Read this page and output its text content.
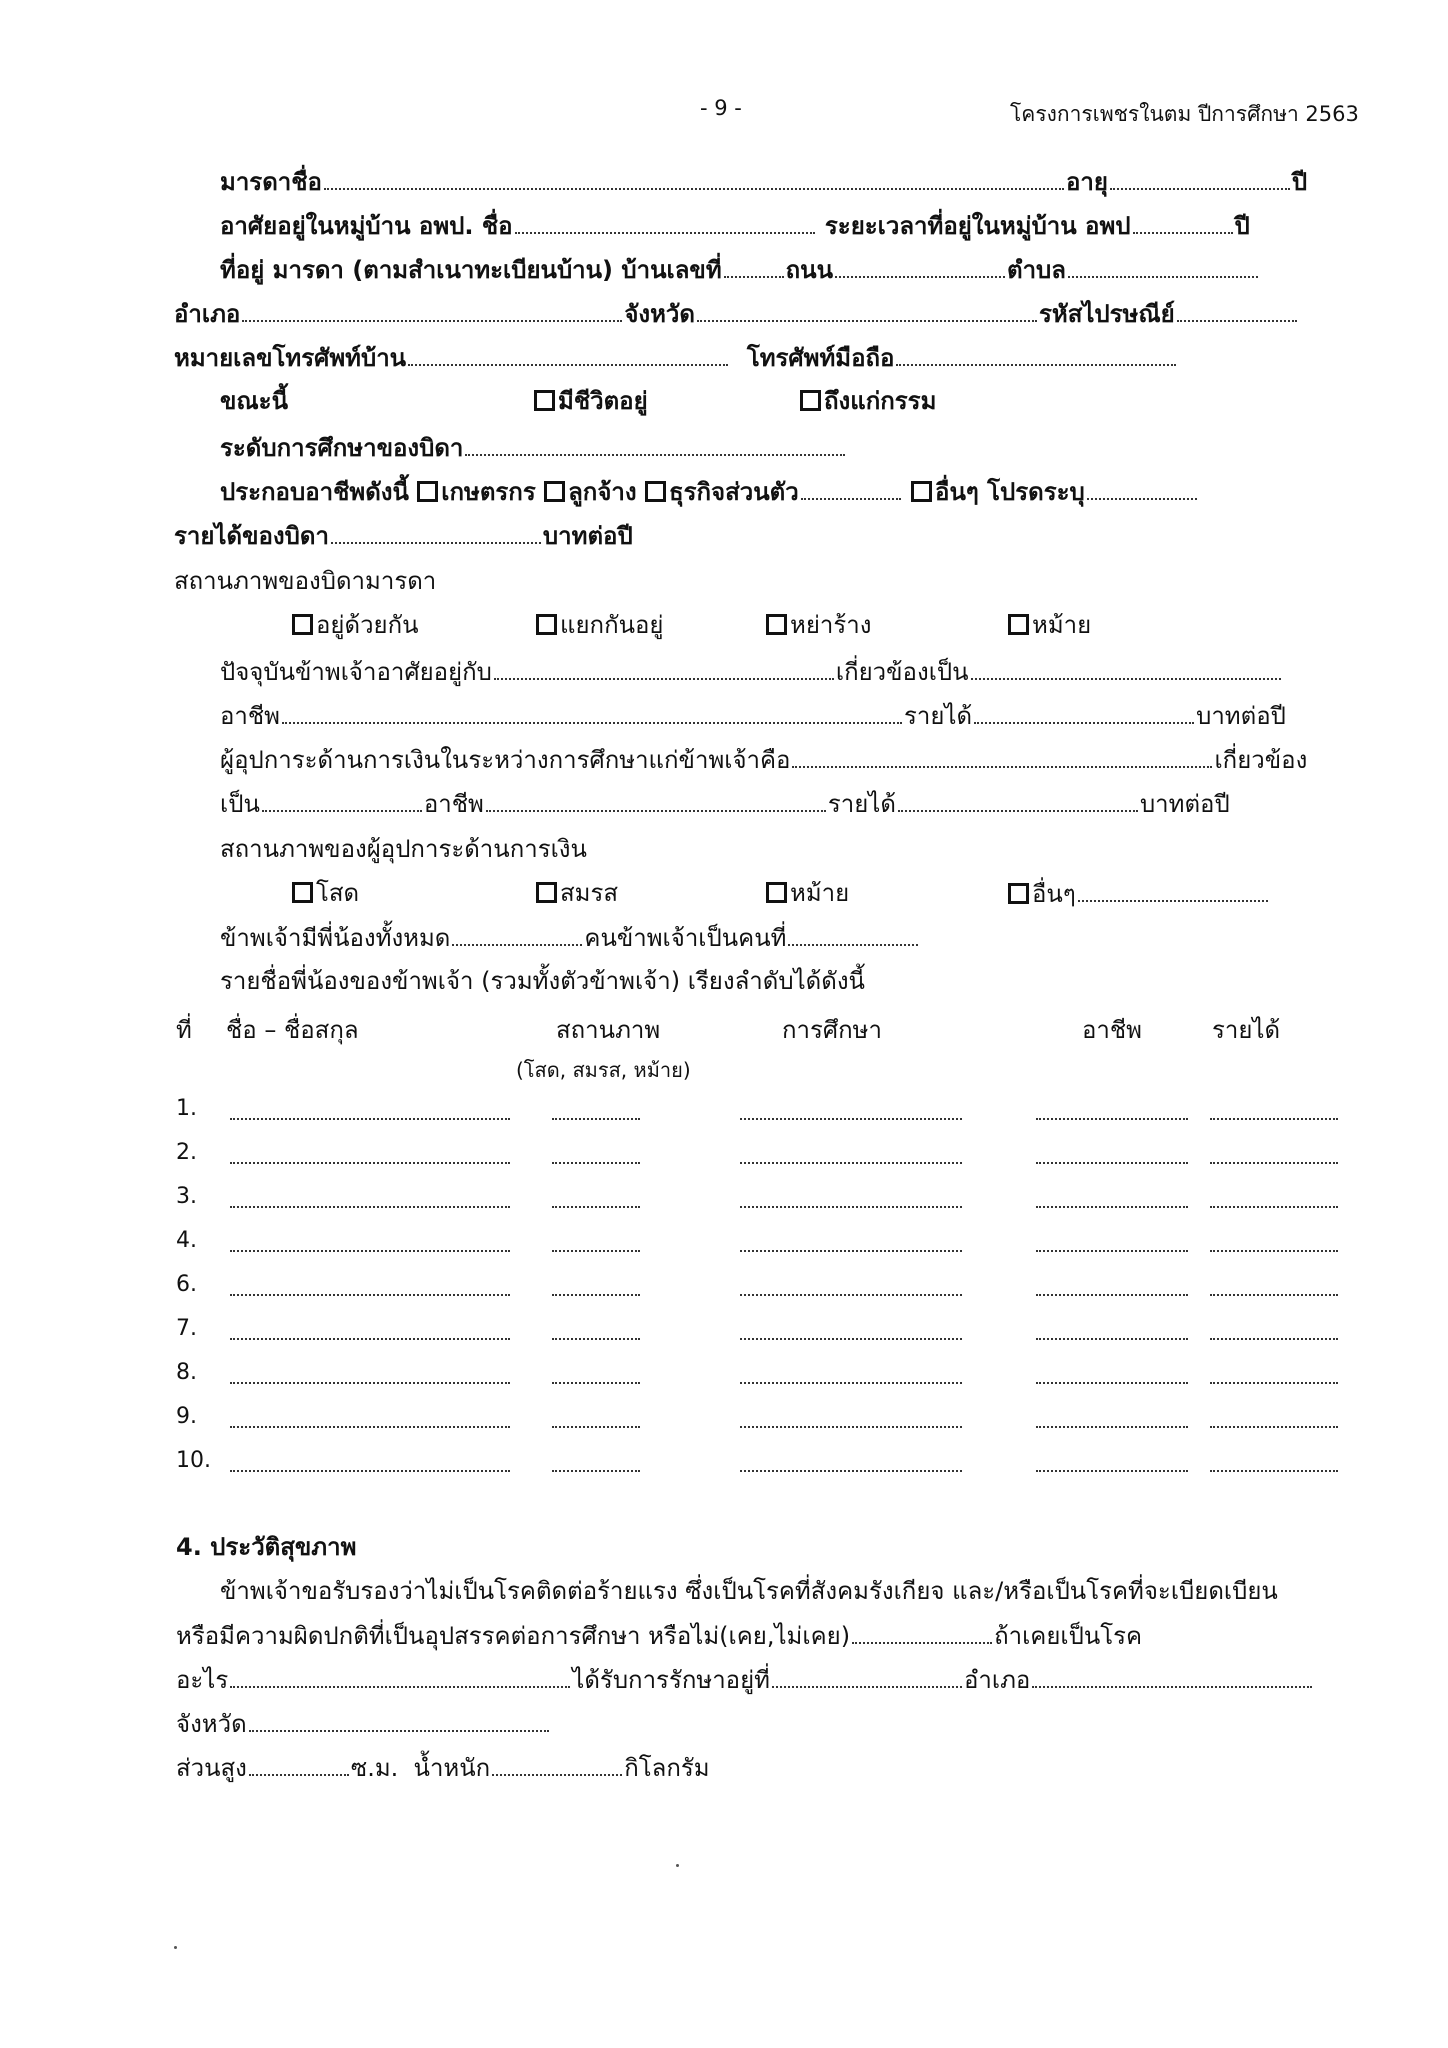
- 9 -	โครงการเพชรในตม ปีการศึกษา 2563
มารดาชื่อ	อายุ	ปี
อาศัยอยู่ในหมู่บ้าน อพป. ชื่อ	ระยะเวลาที่อยู่ในหมู่บ้าน อพป	ปี
ที่อยู่ มารดา (ตามสำเนาทะเบียนบ้าน) บ้านเลขที่	ถนน	ตำบล
อำเภอ	จังหวัด	รหัสไปรษณีย์
หมายเลขโทรศัพท์บ้าน	โทรศัพท์มือถือ
ขณะนี้	มีชีวิตอยู่	ถึงแก่กรรม
ระดับการศึกษาของบิดา
ประกอบอาชีพดังนี้ เกษตรกร ลูกจ้าง ธุรกิจส่วนตัว	อื่นๆ โปรดระบุ
รายได้ของบิดา	บาทต่อปี
สถานภาพของบิดามารดา
อยู่ด้วยกัน	แยกกันอยู่	หย่าร้าง	หม้าย
ปัจจุบันข้าพเจ้าอาศัยอยู่กับ	เกี่ยวข้องเป็น
อาชีพ	รายได้	บาทต่อปี
ผู้อุปการะด้านการเงินในระหว่างการศึกษาแก่ข้าพเจ้าคือ	เกี่ยวข้อง
เป็น	อาชีพ	รายได้	บาทต่อปี
สถานภาพของผู้อุปการะด้านการเงิน
โสด	สมรส	หม้าย	อื่นๆ
ข้าพเจ้ามีพี่น้องทั้งหมด	คนข้าพเจ้าเป็นคนที่
รายชื่อพี่น้องของข้าพเจ้า (รวมทั้งตัวข้าพเจ้า) เรียงลำดับได้ดังนี้
ที่ ชื่อ – ชื่อสกุล	สถานภาพ	การศึกษา	อาชีพ	รายได้
(โสด, สมรส, หม้าย)
1.
2.
3.
4.
6.
7.
8.
9.
10.
4. ประวัติสุขภาพ
ข้าพเจ้าขอรับรองว่าไม่เป็นโรคติดต่อร้ายแรง ซึ่งเป็นโรคที่สังคมรังเกียจ และ/หรือเป็นโรคที่จะเบียดเบียน
หรือมีความผิดปกติที่เป็นอุปสรรคต่อการศึกษา หรือไม่(เคย,ไม่เคย)	ถ้าเคยเป็นโรค
อะไร	ได้รับการรักษาอยู่ที่	อำเภอ
จังหวัด
ส่วนสูง	ซ.ม. น้ำหนัก	กิโลกรัม
